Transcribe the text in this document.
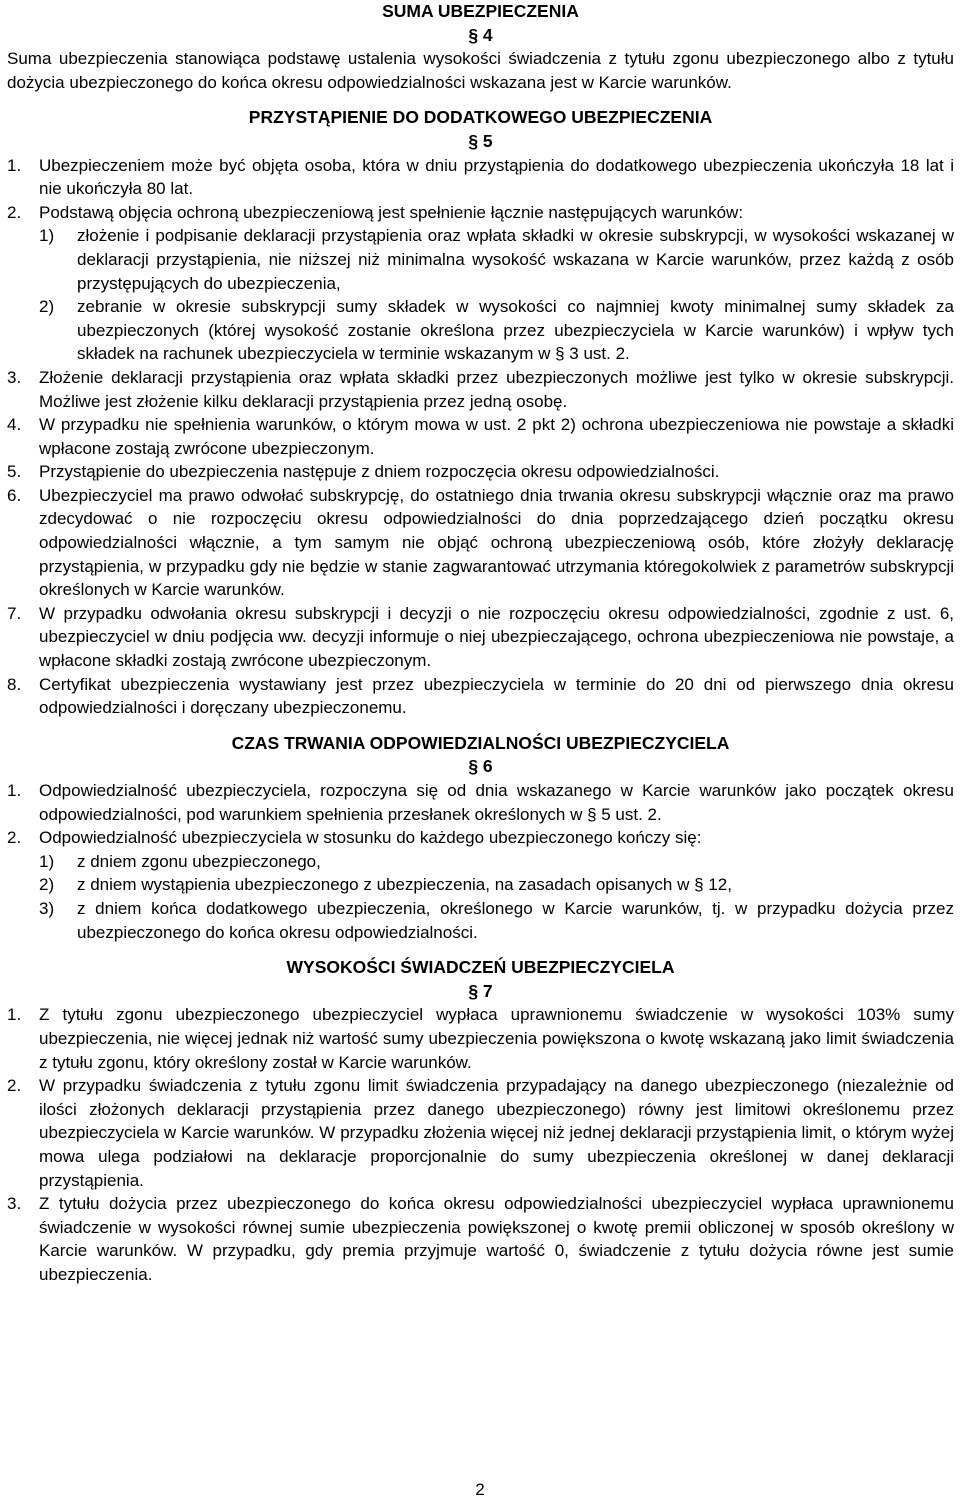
SUMA UBEZPIECZENIA
§ 4

Suma ubezpieczenia stanowiąca podstawę ustalenia wysokości świadczenia z tytułu zgonu ubezpieczonego albo z tytułu dożycia ubezpieczonego do końca okresu odpowiedzialności wskazana jest w Karcie warunków.

PRZYSTĄPIENIE DO DODATKOWEGO UBEZPIECZENIA
§ 5
1.	Ubezpieczeniem może być objęta osoba, która w dniu przystąpienia do dodatkowego ubezpieczenia ukończyła 18 lat i nie ukończyła 80 lat.
2.	Podstawą objęcia ochroną ubezpieczeniową jest spełnienie łącznie następujących warunków:
1)	złożenie i podpisanie deklaracji przystąpienia oraz wpłata składki w okresie subskrypcji, w wysokości wskazanej w deklaracji przystąpienia, nie niższej niż minimalna wysokość wskazana w Karcie warunków, przez każdą z osób przystępujących do ubezpieczenia,
2)	zebranie w okresie subskrypcji sumy składek w wysokości co najmniej kwoty minimalnej sumy składek za ubezpieczonych (której wysokość zostanie określona przez ubezpieczyciela w Karcie warunków) i wpływ tych składek na rachunek ubezpieczyciela w terminie wskazanym w § 3 ust. 2.
3.	Złożenie deklaracji przystąpienia oraz wpłata składki przez ubezpieczonych możliwe jest tylko w okresie subskrypcji. Możliwe jest złożenie kilku deklaracji przystąpienia przez jedną osobę.
4.	W przypadku nie spełnienia warunków, o którym mowa w ust. 2 pkt 2) ochrona ubezpieczeniowa nie powstaje a składki wpłacone zostają zwrócone ubezpieczonym.
5.	Przystąpienie do ubezpieczenia następuje z dniem rozpoczęcia okresu odpowiedzialności.
6.	Ubezpieczyciel ma prawo odwołać subskrypcję, do ostatniego dnia trwania okresu subskrypcji włącznie oraz ma prawo zdecydować o nie rozpoczęciu okresu odpowiedzialności do dnia poprzedzającego dzień początku okresu odpowiedzialności włącznie, a tym samym nie objąć ochroną ubezpieczeniową osób, które złożyły deklarację przystąpienia, w przypadku gdy nie będzie w stanie zagwarantować utrzymania któregokolwiek z parametrów subskrypcji określonych w Karcie warunków.
7.	W przypadku odwołania okresu subskrypcji i decyzji o nie rozpoczęciu okresu odpowiedzialności, zgodnie z ust. 6, ubezpieczyciel w dniu podjęcia ww. decyzji informuje o niej ubezpieczającego, ochrona ubezpieczeniowa nie powstaje, a wpłacone składki zostają zwrócone ubezpieczonym.
8.	Certyfikat ubezpieczenia wystawiany jest przez ubezpieczyciela w terminie do 20 dni od pierwszego dnia okresu odpowiedzialności i doręczany ubezpieczonemu.
CZAS TRWANIA ODPOWIEDZIALNOŚCI UBEZPIECZYCIELA
§ 6
1.	Odpowiedzialność ubezpieczyciela, rozpoczyna się od dnia wskazanego w Karcie warunków jako początek okresu odpowiedzialności, pod warunkiem spełnienia przesłanek określonych w § 5 ust. 2.
2.	Odpowiedzialność ubezpieczyciela w stosunku do każdego ubezpieczonego kończy się:
1)	z dniem zgonu ubezpieczonego,
2)	z dniem wystąpienia ubezpieczonego z ubezpieczenia, na zasadach opisanych w § 12,
3)	z dniem końca dodatkowego ubezpieczenia, określonego w Karcie warunków, tj. w przypadku dożycia przez ubezpieczonego do końca okresu odpowiedzialności.
WYSOKOŚCI ŚWIADCZEŃ UBEZPIECZYCIELA
§ 7
1.	Z tytułu zgonu ubezpieczonego ubezpieczyciel wypłaca uprawnionemu świadczenie w wysokości 103% sumy ubezpieczenia, nie więcej jednak niż wartość sumy ubezpieczenia powiększona o kwotę wskazaną jako limit świadczenia z tytułu zgonu, który określony został w Karcie warunków.
2.	W przypadku świadczenia z tytułu zgonu limit świadczenia przypadający na danego ubezpieczonego (niezależnie od ilości złożonych deklaracji przystąpienia przez danego ubezpieczonego) równy jest limitowi określonemu przez ubezpieczyciela w Karcie warunków. W przypadku złożenia więcej niż jednej deklaracji przystąpienia limit, o którym wyżej mowa ulega podziałowi na deklaracje proporcjonalnie do sumy ubezpieczenia określonej w danej deklaracji przystąpienia.
3.	Z tytułu dożycia przez ubezpieczonego do końca okresu odpowiedzialności ubezpieczyciel wypłaca uprawnionemu świadczenie w wysokości równej sumie ubezpieczenia powiększonej o kwotę premii obliczonej w sposób określony w Karcie warunków. W przypadku, gdy premia przyjmuje wartość 0, świadczenie z tytułu dożycia równe jest sumie ubezpieczenia.
2
